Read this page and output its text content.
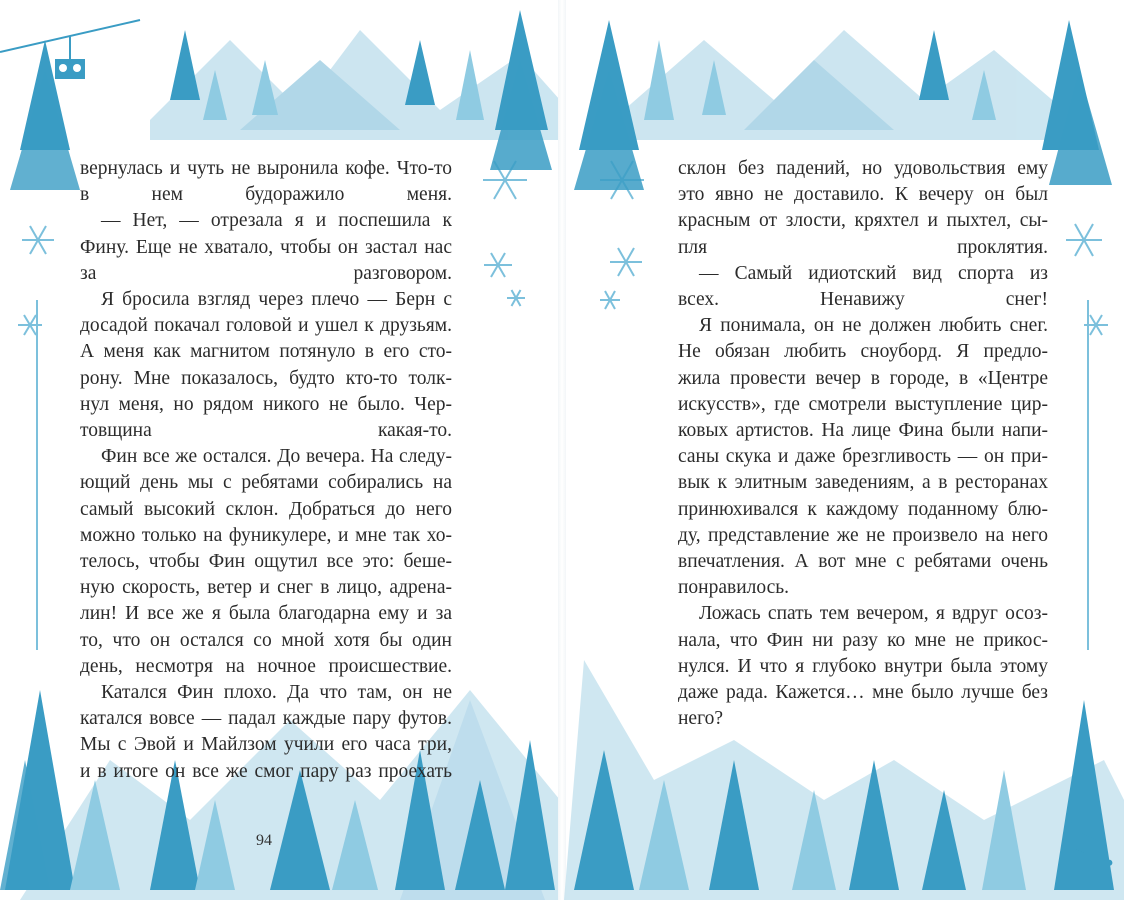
вернулась и чуть не выронила кофе. Что-то
в нем будоражило меня.

— Нет, — отрезала я и поспешила к
Фину. Еще не хватало, чтобы он застал нас
за разговором.

Я бросила взгляд через плечо — Берн с
досадой покачал головой и ушел к друзьям.
А меня как магнитом потянуло в его сто-
рону. Мне показалось, будто кто-то толк-
нул меня, но рядом никого не было. Чер-
товщина какая-то.

Фин все же остался. До вечера. На следу-
ющий день мы с ребятами собирались на
самый высокий склон. Добраться до него
можно только на фуникулере, и мне так хо-
телось, чтобы Фин ощутил все это: беше-
ную скорость, ветер и снег в лицо, адрена-
лин! И все же я была благодарна ему и за
то, что он остался со мной хотя бы один
день, несмотря на ночное происшествие.

Катался Фин плохо. Да что там, он не
катался вовсе — падал каждые пару футов.
Мы с Эвой и Майлзом учили его часа три,
и в итоге он все же смог пару раз проехать

94

склон без падений, но удовольствия ему
это явно не доставило. К вечеру он был
красным от злости, кряхтел и пыхтел, сы-
пля проклятия.

— Самый идиотский вид спорта из
всех. Ненавижу снег!

Я понимала, он не должен любить снег.
Не обязан любить сноуборд. Я предло-
жила провести вечер в городе, в «Центре
искусств», где смотрели выступление цир-
ковых артистов. На лице Фина были напи-
саны скука и даже брезгливость — он при-
вык к элитным заведениям, а в ресторанах
принюхивался к каждому поданному блю-
ду, представление же не произвело на него
впечатления. А вот мне с ребятами очень
понравилось.

Ложась спать тем вечером, я вдруг осоз-
нала, что Фин ни разу ко мне не прикос-
нулся. И что я глубоко внутри была этому
даже рада. Кажется… мне было лучше без
него?
